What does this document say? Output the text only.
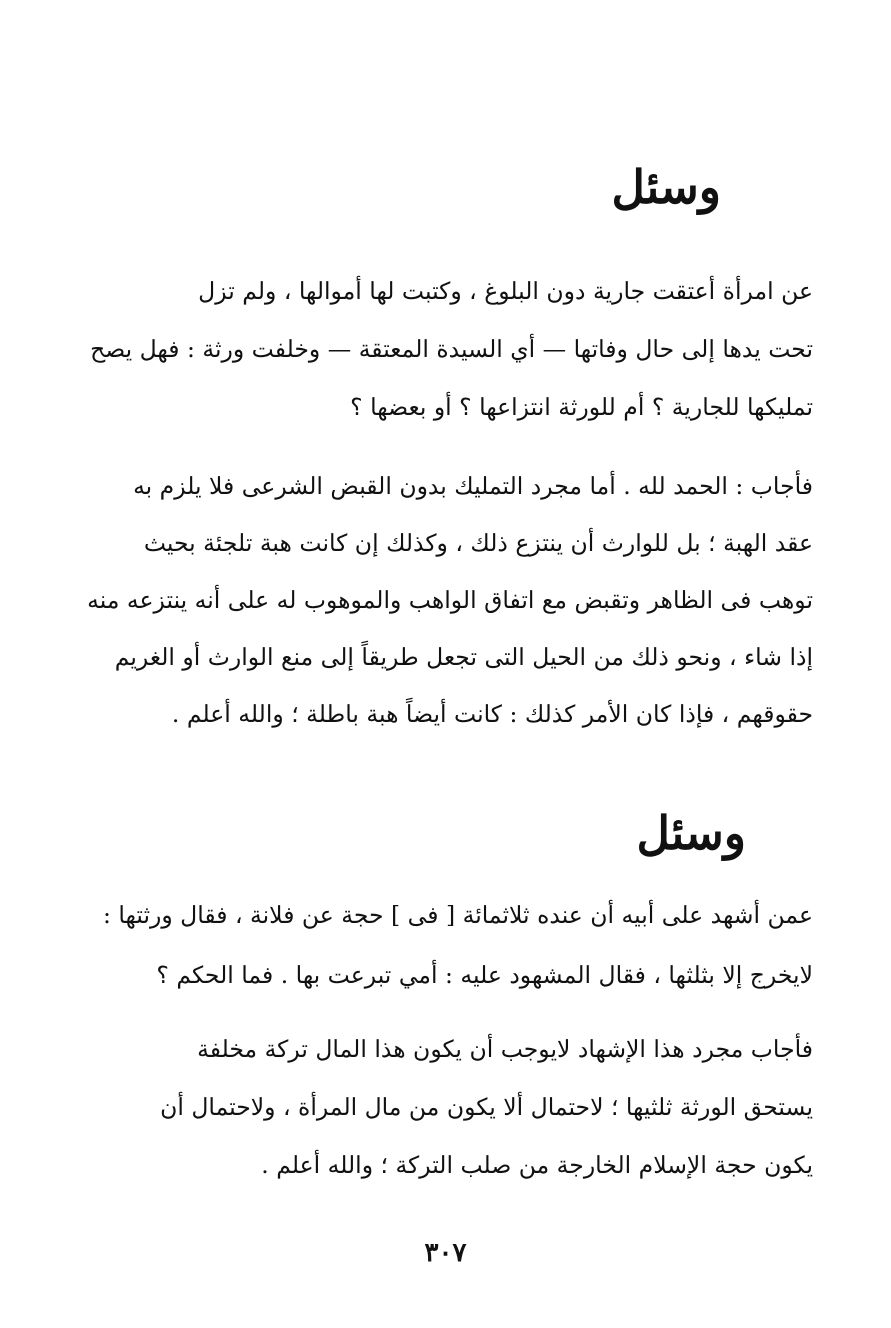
وسئل
عن امرأة أعتقت جارية دون البلوغ ، وكتبت لها أموالها ، ولم تزل
تحت يدها إلى حال وفاتها — أي السيدة المعتقة — وخلفت ورثة : فهل يصح
تمليكها للجارية ؟ أم للورثة انتزاعها ؟ أو بعضها ؟
فأجاب : الحمد لله . أما مجرد التمليك بدون القبض الشرعى فلا يلزم به
عقد الهبة ؛ بل للوارث أن ينتزع ذلك ، وكذلك إن كانت هبة تلجئة بحيث
توهب فى الظاهر وتقبض مع اتفاق الواهب والموهوب له على أنه ينتزعه منه
إذا شاء ، ونحو ذلك من الحيل التى تجعل طريقاً إلى منع الوارث أو الغريم
حقوقهم ، فإذا كان الأمر كذلك : كانت أيضاً هبة باطلة ؛ والله أعلم .
وسئل
عمن أشهد على أبيه أن عنده ثلاثمائة [ فى ] حجة عن فلانة ، فقال ورثتها :
لايخرج إلا بثلثها ، فقال المشهود عليه : أمي تبرعت بها . فما الحكم ؟
فأجاب مجرد هذا الإشهاد لايوجب أن يكون هذا المال تركة مخلفة
يستحق الورثة ثلثيها ؛ لاحتمال ألا يكون من مال المرأة ، ولاحتمال أن
يكون حجة الإسلام الخارجة من صلب التركة ؛ والله أعلم .
٣٠٧
